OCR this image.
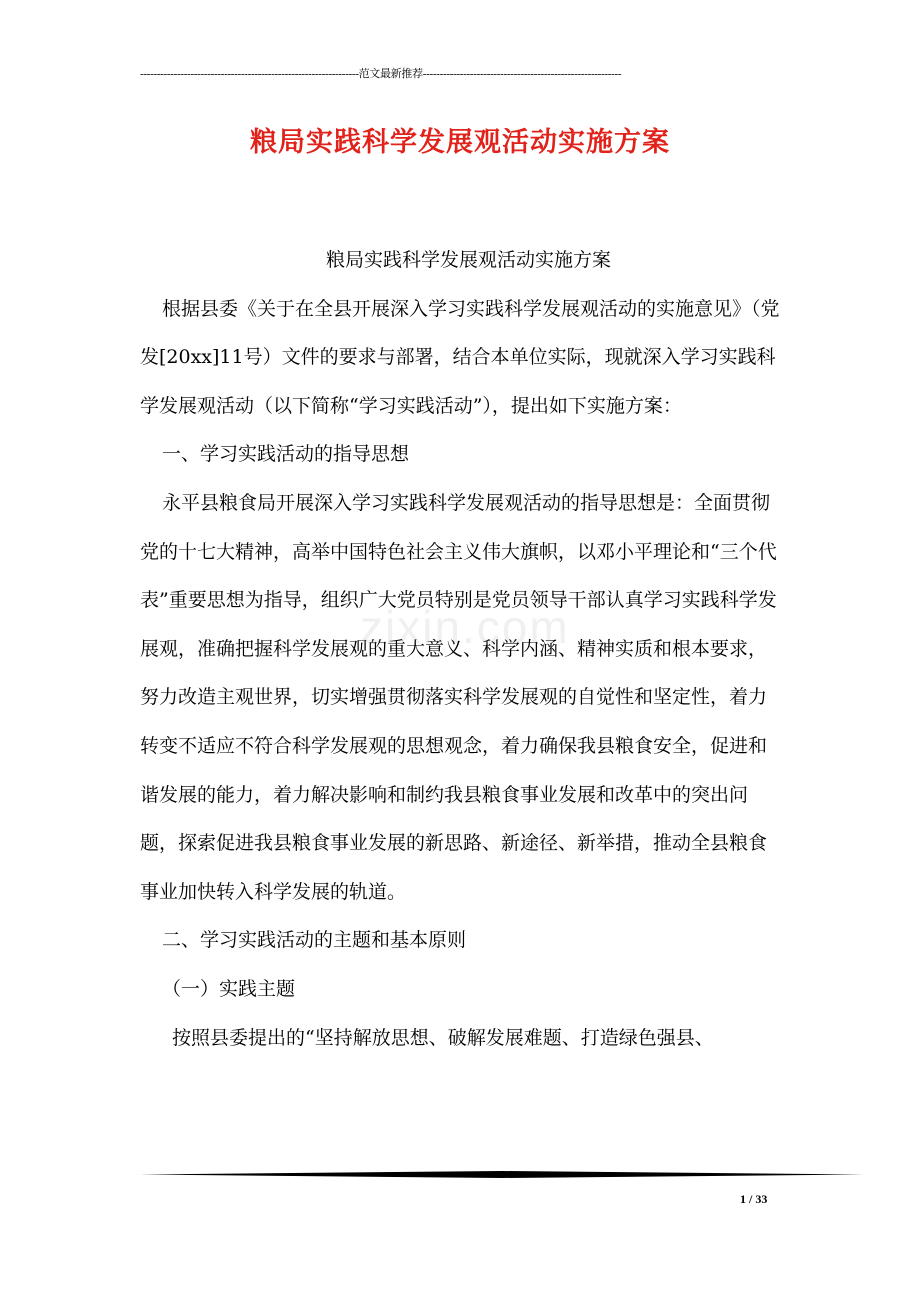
-----------------------------------------------------------------范文最新推荐-----------------------------------------------------------
粮局实践科学发展观活动实施方案

粮局实践科学发展观活动实施方案

根据县委《关于在全县开展深入学习实践科学发展观活动的实施意见》（党发[20xx]11号）文件的要求与部署，结合本单位实际，现就深入学习实践科学发展观活动（以下简称“学习实践活动”），提出如下实施方案：

一、学习实践活动的指导思想

永平县粮食局开展深入学习实践科学发展观活动的指导思想是：全面贯彻党的十七大精神，高举中国特色社会主义伟大旗帜，以邓小平理论和“三个代表”重要思想为指导，组织广大党员特别是党员领导干部认真学习实践科学发展观，准确把握科学发展观的重大意义、科学内涵、精神实质和根本要求，努力改造主观世界，切实增强贯彻落实科学发展观的自觉性和坚定性，着力转变不适应不符合科学发展观的思想观念，着力确保我县粮食安全，促进和谐发展的能力，着力解决影响和制约我县粮食事业发展和改革中的突出问题，探索促进我县粮食事业发展的新思路、新途径、新举措，推动全县粮食事业加快转入科学发展的轨道。

二、学习实践活动的主题和基本原则

（一）实践主题

按照县委提出的“坚持解放思想、破解发展难题、打造绿色强县、

zixin.com
1 / 33
